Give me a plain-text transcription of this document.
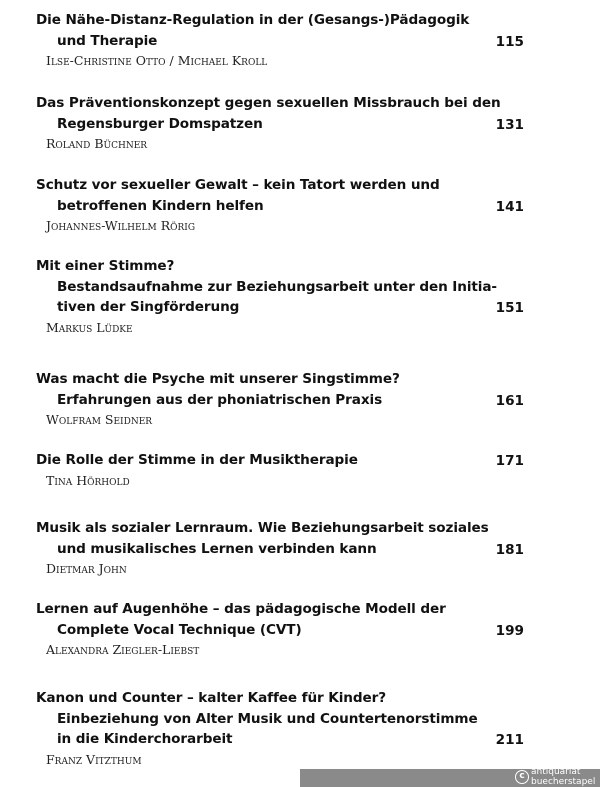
Die Nähe-Distanz-Regulation in der (Gesangs-)Pädagogik
und Therapie
Ilse-Christine Otto / Michael Kroll
115
Das Präventionskonzept gegen sexuellen Missbrauch bei den
Regensburger Domspatzen
Roland Büchner
131
Schutz vor sexueller Gewalt – kein Tatort werden und
betroffenen Kindern helfen
Johannes-Wilhelm Rörig
141
Mit einer Stimme?
Bestandsaufnahme zur Beziehungsarbeit unter den Initia-
tiven der Singförderung
Markus Lüdke
151
Was macht die Psyche mit unserer Singstimme?
Erfahrungen aus der phoniatrischen Praxis
Wolfram Seidner
161
Die Rolle der Stimme in der Musiktherapie
Tina Hörhold
171
Musik als sozialer Lernraum. Wie Beziehungsarbeit soziales
und musikalisches Lernen verbinden kann
Dietmar John
181
Lernen auf Augenhöhe – das pädagogische Modell der
Complete Vocal Technique (CVT)
Alexandra Ziegler-Liebst
199
Kanon und Counter – kalter Kaffee für Kinder?
Einbeziehung von Alter Musik und Countertenorstimme
in die Kinderchorarbeit
Franz Vitzthum
211
c antiquariat
buecherstapel
